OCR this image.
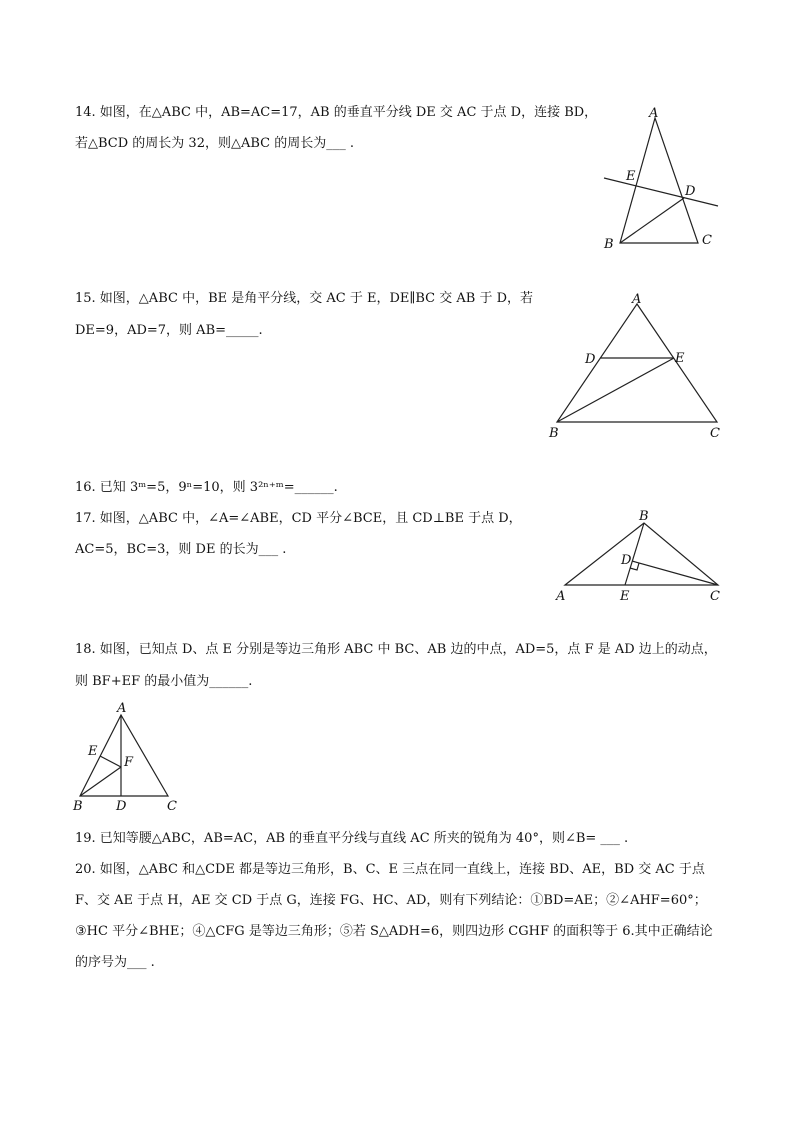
14. 如图，在△ABC 中，AB=AC=17，AB 的垂直平分线 DE 交 AC 于点 D，连接 BD，
若△BCD 的周长为 32，则△ABC 的周长为___ .
A
B	C
D
E
15. 如图，△ABC 中，BE 是角平分线，交 AC 于 E，DE∥BC 交 AB 于 D，若
DE=9，AD=7，则 AB=_____.
A
B	C
D	E
16. 已知 3ᵐ=5，9ⁿ=10，则 3²ⁿ⁺ᵐ=______.
17. 如图，△ABC 中，∠A=∠ABE，CD 平分∠BCE，且 CD⊥BE 于点 D，
AC=5，BC=3，则 DE 的长为___ .
B
D
A	E	C
18. 如图，已知点 D、点 E 分别是等边三角形 ABC 中 BC、AB 边的中点，AD=5，点 F 是 AD 边上的动点，
则 BF+EF 的最小值为______.
A
E
F
B	D	C
19. 已知等腰△ABC，AB=AC，AB 的垂直平分线与直线 AC 所夹的锐角为 40°，则∠B= ___ .
20. 如图，△ABC 和△CDE 都是等边三角形，B、C、E 三点在同一直线上，连接 BD、AE，BD 交 AC 于点
F、交 AE 于点 H，AE 交 CD 于点 G，连接 FG、HC、AD，则有下列结论：①BD=AE；②∠AHF=60°；
③HC 平分∠BHE；④△CFG 是等边三角形；⑤若 S△ADH=6，则四边形 CGHF 的面积等于 6.其中正确结论
的序号为___ .
